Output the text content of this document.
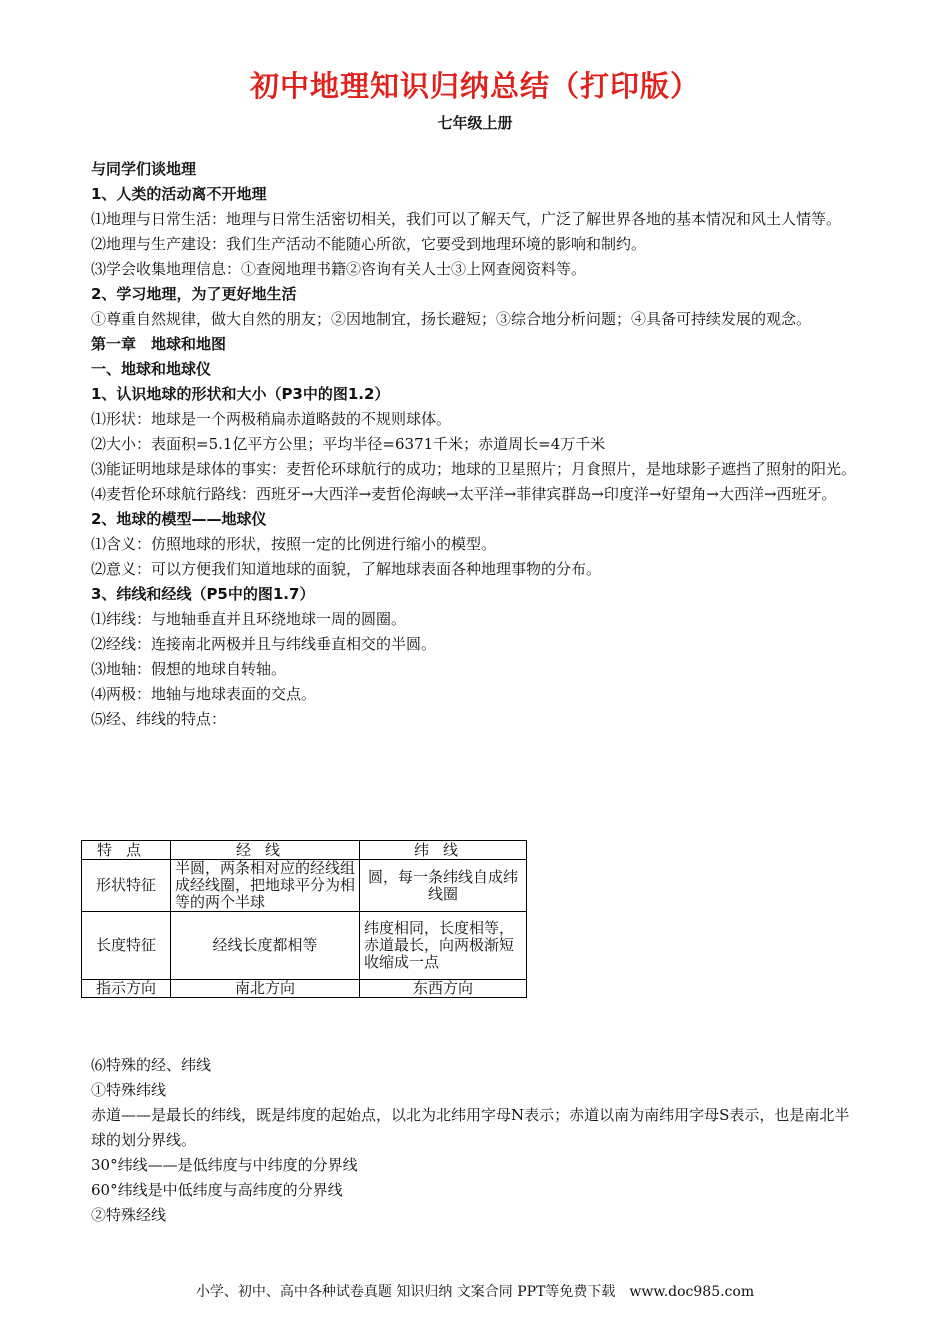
初中地理知识归纳总结（打印版）
七年级上册
与同学们谈地理
1、人类的活动离不开地理
⑴地理与日常生活：地理与日常生活密切相关，我们可以了解天气，广泛了解世界各地的基本情况和风土人情等。
⑵地理与生产建设：我们生产活动不能随心所欲，它要受到地理环境的影响和制约。
⑶学会收集地理信息：①查阅地理书籍②咨询有关人士③上网查阅资料等。
2、学习地理，为了更好地生活
①尊重自然规律，做大自然的朋友；②因地制宜，扬长避短；③综合地分析问题；④具备可持续发展的观念。
第一章　地球和地图
一、地球和地球仪
1、认识地球的形状和大小（P3中的图1.2）
⑴形状：地球是一个两极稍扁赤道略鼓的不规则球体。
⑵大小：表面积=5.1亿平方公里；平均半径=6371千米；赤道周长=4万千米
⑶能证明地球是球体的事实：麦哲伦环球航行的成功；地球的卫星照片；月食照片，是地球影子遮挡了照射的阳光。
⑷麦哲伦环球航行路线：西班牙→大西洋→麦哲伦海峡→太平洋→菲律宾群岛→印度洋→好望角→大西洋→西班牙。
2、地球的模型——地球仪
⑴含义：仿照地球的形状，按照一定的比例进行缩小的模型。
⑵意义：可以方便我们知道地球的面貌，了解地球表面各种地理事物的分布。
3、纬线和经线（P5中的图1.7）
⑴纬线：与地轴垂直并且环绕地球一周的圆圈。
⑵经线：连接南北两极并且与纬线垂直相交的半圆。
⑶地轴：假想的地球自转轴。
⑷两极：地轴与地球表面的交点。
⑸经、纬线的特点：
特点	经线	纬线
形状特征	半圆，两条相对应的经线组成经线圈，把地球平分为相等的两个半球	圆，每一条纬线自成纬线圈
长度特征	经线长度都相等	纬度相同，长度相等，赤道最长，向两极渐短收缩成一点
指示方向	南北方向	东西方向
⑹特殊的经、纬线
①特殊纬线
赤道——是最长的纬线，既是纬度的起始点，以北为北纬用字母N表示；赤道以南为南纬用字母S表示，也是南北半球的划分界线。
30°纬线——是低纬度与中纬度的分界线
60°纬线是中低纬度与高纬度的分界线
②特殊经线
小学、初中、高中各种试卷真题 知识归纳 文案合同 PPT等免费下载　www.doc985.com
